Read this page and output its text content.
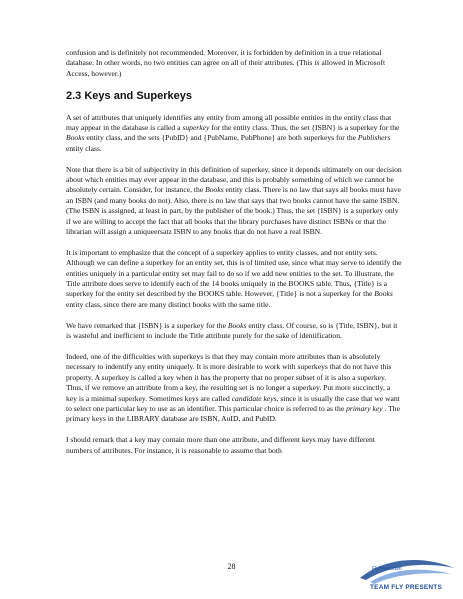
confusion and is definitely not recommended. Moreover, it is forbidden by definition in a true relational database. In other words, no two entities can agree on all of their attributes. (This is allowed in Microsoft Access, however.)

2.3 Keys and Superkeys

A set of attributes that uniquely identifies any entity from among all possible entities in the entity class that may appear in the database is called a superkey for the entity class. Thus, the set {ISBN} is a superkey for the Books entity class, and the sets {PubID} and {PubName, PubPhone} are both superkeys for the Publishers entity class.

Note that there is a bit of subjectivity in this definition of superkey, since it depends ultimately on our decision about which entities may ever appear in the database, and this is probably something of which we cannot be absolutely certain. Consider, for instance, the Books entity class. There is no law that says all books must have an ISBN (and many books do not). Also, there is no law that says that two books cannot have the same ISBN. (The ISBN is assigned, at least in part, by the publisher of the book.) Thus, the set {ISBN} is a superkey only if we are willing to accept the fact that all books that the library purchases have distinct ISBNs or that the librarian will assign a uniqueersatz ISBN to any books that do not have a real ISBN.

It is important to emphasize that the concept of a superkey applies to entity classes, and not entity sets. Although we can define a superkey for an entity set, this is of limited use, since what may serve to identify the entities uniquely in a particular entity set may fail to do so if we add new entities to the set. To illustrate, the Title attribute does serve to identify each of the 14 books uniquely in the BOOKS table. Thus, {Title} is a superkey for the entity set described by the BOOKS table. However, {Title} is not a superkey for the Books entity class, since there are many distinct books with the same title.

We have remarked that {ISBN} is a superkey for the Books entity class. Of course, so is {Title, ISBN}, but it is wasteful and inefficient to include the Title attribute purely for the sake of identification.

Indeed, one of the difficulties with superkeys is that they may contain more attributes than is absolutely necessary to indentify any entity uniquely. It is more desirable to work with superkeys that do not have this property. A superkey is called a key when it has the property that no proper subset of it is also a superkey. Thus, if we remove an attribute from a key, the resulting set is no longer a superkey. Put more succinctly, a key is a minimal superkey. Sometimes keys are called candidate keys, since it is usually the case that we want to select one particular key to use as an identifier. This particular choice is referred to as the primary key . The primary keys in the LIBRARY database are ISBN, AuID, and PubID.

I should remark that a key may contain more than one attribute, and different keys may have different numbers of attributes. For instance, it is reasonable to assume that both

28	FlyHeart.com
TEAM FLY PRESENTS
